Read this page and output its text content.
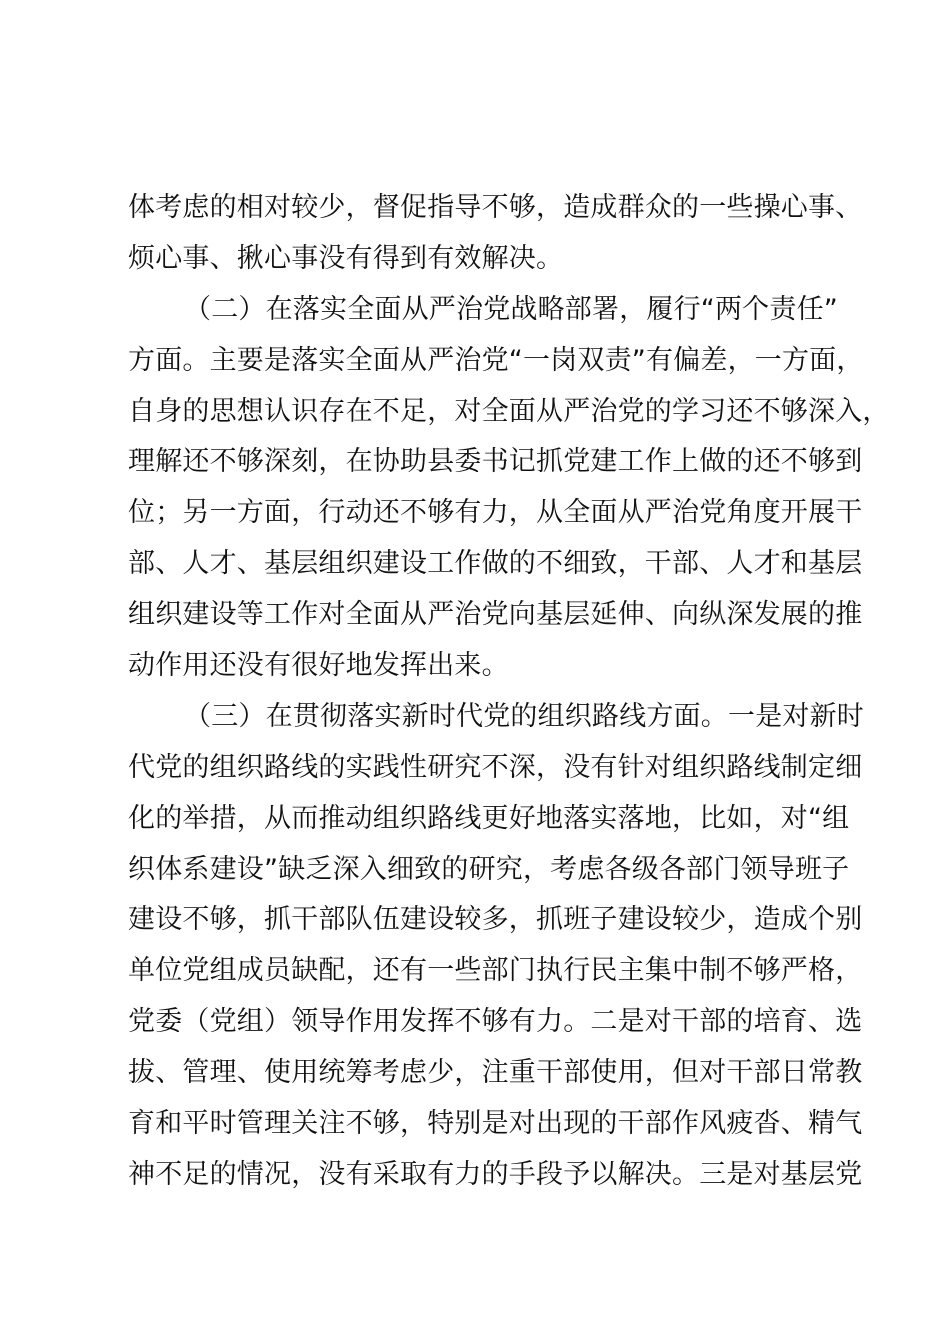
体考虑的相对较少，督促指导不够，造成群众的一些操心事、
烦心事、揪心事没有得到有效解决。
（二）在落实全面从严治党战略部署，履行“两个责任”
方面。主要是落实全面从严治党“一岗双责”有偏差，一方面，
自身的思想认识存在不足，对全面从严治党的学习还不够深入，
理解还不够深刻，在协助县委书记抓党建工作上做的还不够到
位；另一方面，行动还不够有力，从全面从严治党角度开展干
部、人才、基层组织建设工作做的不细致，干部、人才和基层
组织建设等工作对全面从严治党向基层延伸、向纵深发展的推
动作用还没有很好地发挥出来。
（三）在贯彻落实新时代党的组织路线方面。一是对新时
代党的组织路线的实践性研究不深，没有针对组织路线制定细
化的举措，从而推动组织路线更好地落实落地，比如，对“组
织体系建设”缺乏深入细致的研究，考虑各级各部门领导班子
建设不够，抓干部队伍建设较多，抓班子建设较少，造成个别
单位党组成员缺配，还有一些部门执行民主集中制不够严格，
党委（党组）领导作用发挥不够有力。二是对干部的培育、选
拔、管理、使用统筹考虑少，注重干部使用，但对干部日常教
育和平时管理关注不够，特别是对出现的干部作风疲沓、精气
神不足的情况，没有采取有力的手段予以解决。三是对基层党
